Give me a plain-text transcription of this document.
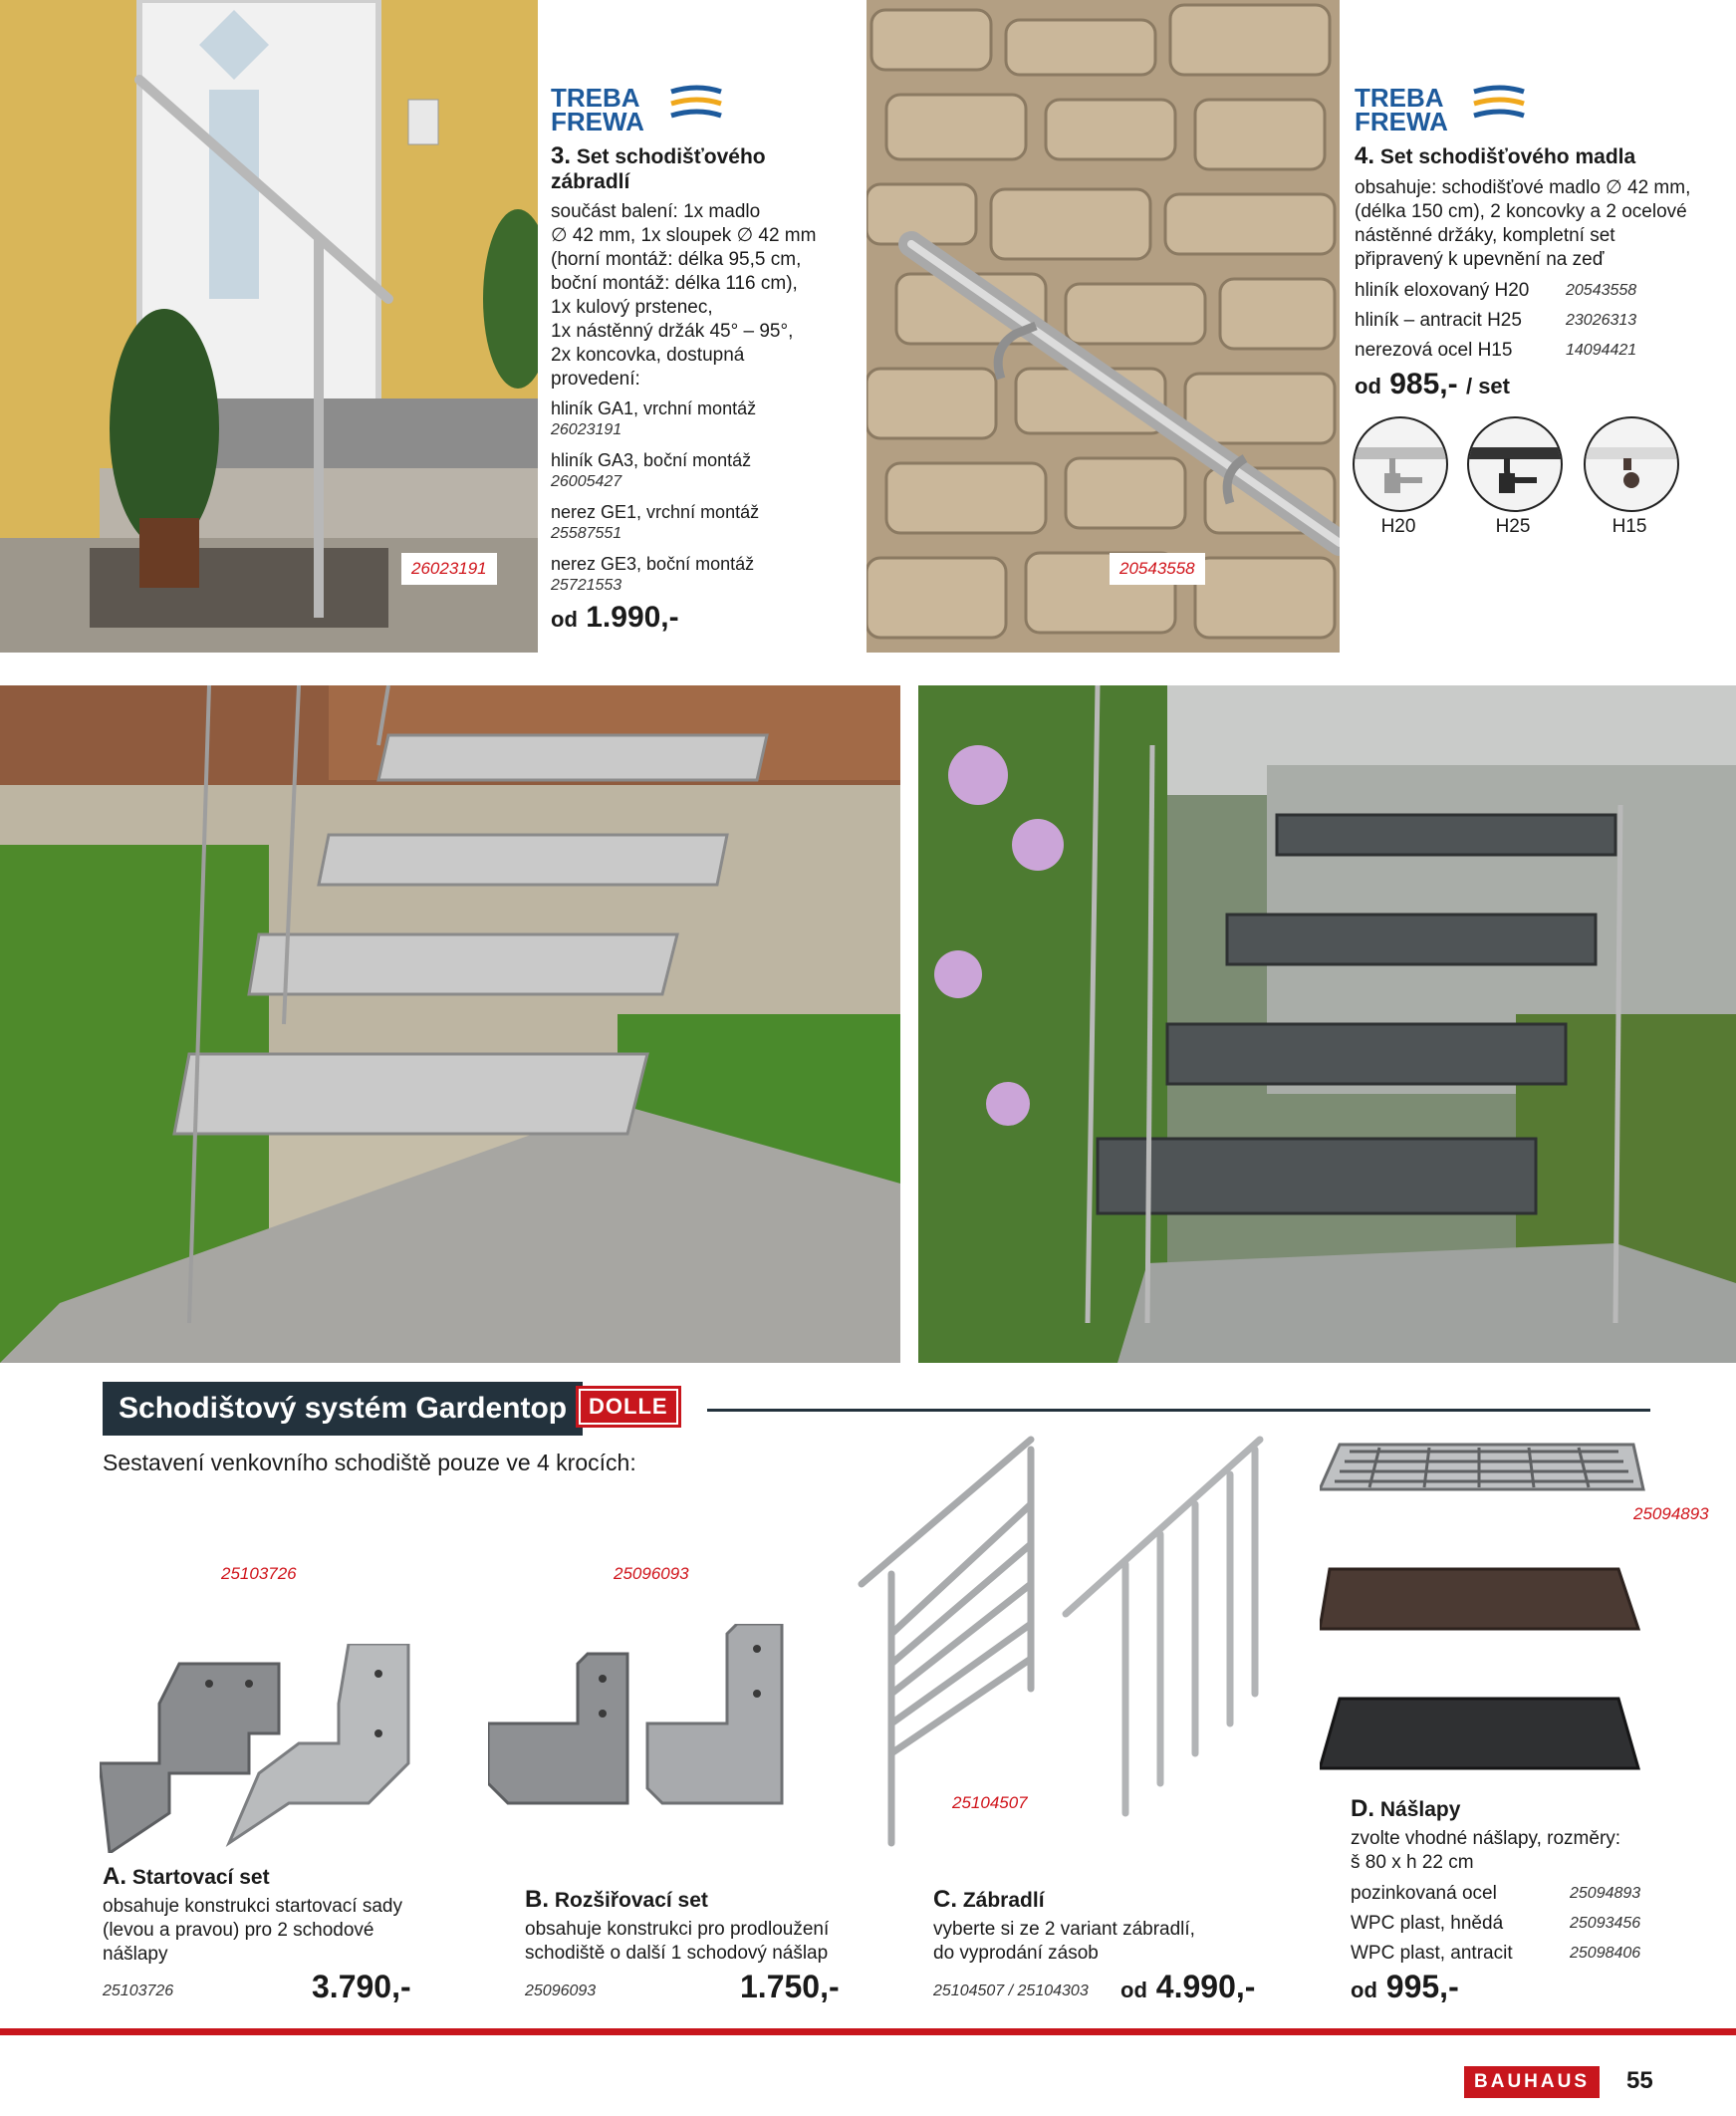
26023191	20543558
TREBA
FREWA
3. Set schodišťového zábradlí
součást balení: 1x madlo
∅ 42 mm, 1x sloupek ∅ 42 mm
(horní montáž: délka 95,5 cm,
boční montáž: délka 116 cm),
1x kulový prstenec,
1x nástěnný držák 45° – 95°,
2x koncovka, dostupná
provedení:
hliník GA1, vrchní montáž
26023191
hliník GA3, boční montáž
26005427
nerez GE1, vrchní montáž
25587551
nerez GE3, boční montáž
25721553
od 1.990,-
TREBA
FREWA
4. Set schodišťového madla
obsahuje: schodišťové madlo ∅ 42 mm,
(délka 150 cm), 2 koncovky a 2 ocelové
nástěnné držáky, kompletní set
připravený k upevnění na zeď
hliník eloxovaný H20	20543558
hliník – antracit H25	23026313
nerezová ocel H15	14094421
od 985,- / set
H20	H25	H15
Schodištový systém Gardentop DOLLE
Sestavení venkovního schodiště pouze ve 4 krocích:
25103726
A. Startovací set
obsahuje konstrukci startovací sady
(levou a pravou) pro 2 schodové
nášlapy
25103726	3.790,-
25096093
B. Rozšiřovací set
obsahuje konstrukci pro prodloužení
schodiště o další 1 schodový nášlap
25096093	1.750,-
25104507
C. Zábradlí
vyberte si ze 2 variant zábradlí,
do vyprodání zásob
25104507 / 25104303 od 4.990,-
25094893
D. Nášlapy
zvolte vhodné nášlapy, rozměry:
š 80 x h 22 cm
pozinkovaná ocel	25094893
WPC plast, hnědá	25093456
WPC plast, antracit	25098406
od 995,-
BAUHAUS	55
